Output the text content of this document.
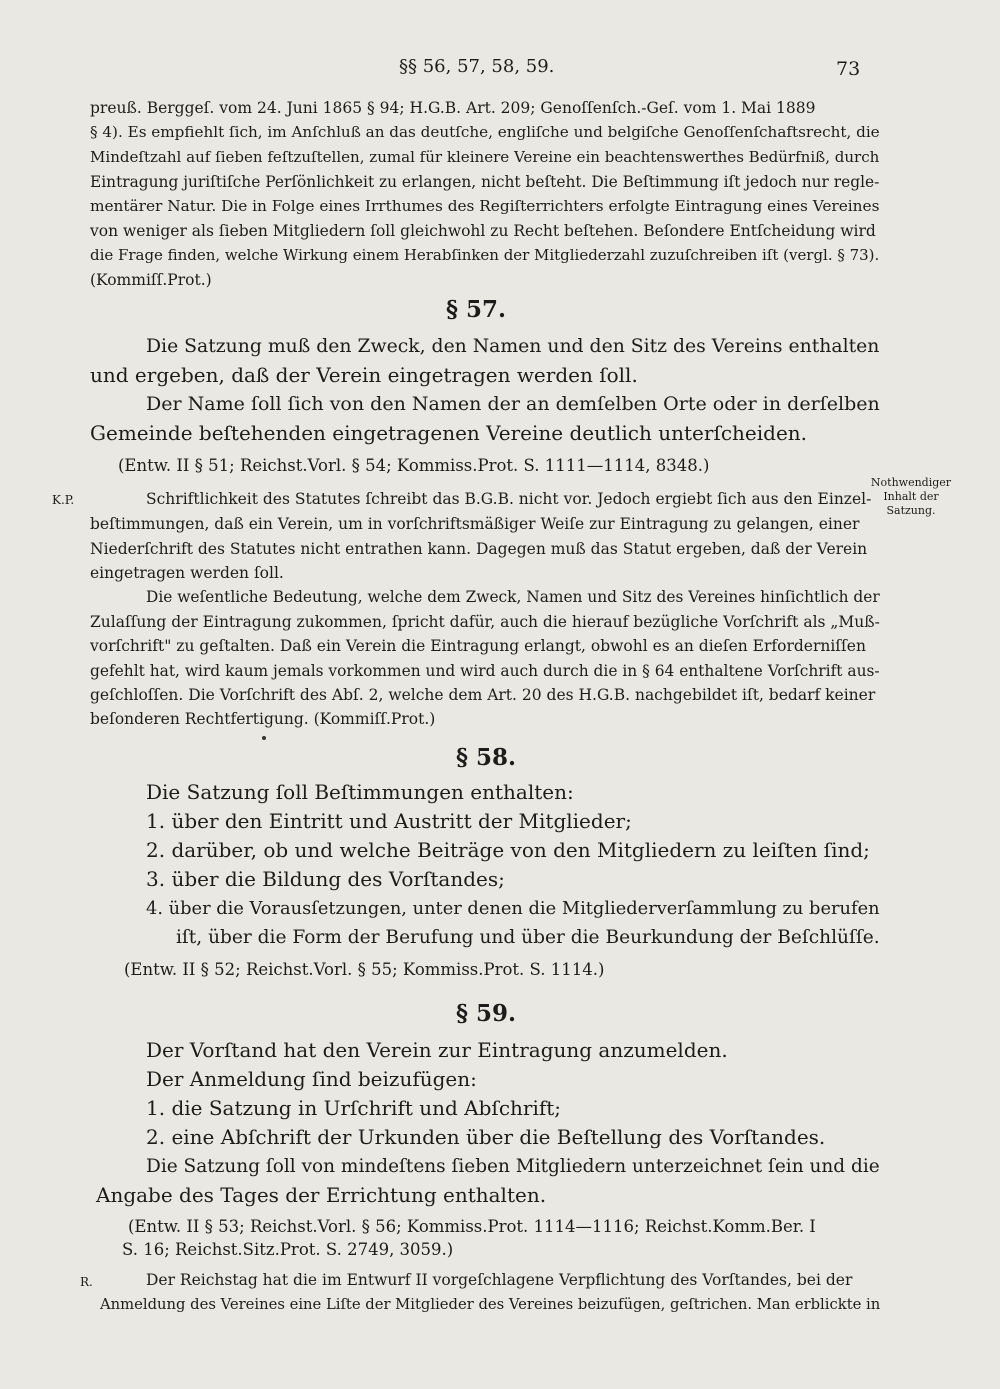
§§ 56, 57, 58, 59.	73
preuß. Berggeſ. vom 24. Juni 1865 § 94; H.G.B. Art. 209; Genoſſenſch.-Geſ. vom 1. Mai 1889
§ 4). Es empfiehlt ſich, im Anſchluß an das deutſche, engliſche und belgiſche Genoſſenſchaftsrecht, die
Mindeſtzahl auf ſieben feſtzuſtellen, zumal für kleinere Vereine ein beachtenswerthes Bedürfniß, durch
Eintragung juriſtiſche Perſönlichkeit zu erlangen, nicht beſteht. Die Beſtimmung iſt jedoch nur regle-
mentärer Natur. Die in Folge eines Irrthumes des Regiſterrichters erfolgte Eintragung eines Vereines
von weniger als ſieben Mitgliedern ſoll gleichwohl zu Recht beſtehen. Beſondere Entſcheidung wird
die Frage finden, welche Wirkung einem Herabſinken der Mitgliederzahl zuzuſchreiben iſt (vergl. § 73).
(Kommiſſ.Prot.)
§ 57.
Die Satzung muß den Zweck, den Namen und den Sitz des Vereins enthalten
und ergeben, daß der Verein eingetragen werden ſoll.
Der Name ſoll ſich von den Namen der an demſelben Orte oder in derſelben
Gemeinde beſtehenden eingetragenen Vereine deutlich unterſcheiden.
(Entw. II § 51; Reichst.Vorl. § 54; Kommiss.Prot. S. 1111—1114, 8348.)
K.P.
Nothwendiger
Inhalt der
Satzung.
Schriftlichkeit des Statutes ſchreibt das B.G.B. nicht vor. Jedoch ergiebt ſich aus den Einzel-
beſtimmungen, daß ein Verein, um in vorſchriftsmäßiger Weiſe zur Eintragung zu gelangen, einer
Niederſchrift des Statutes nicht entrathen kann. Dagegen muß das Statut ergeben, daß der Verein
eingetragen werden ſoll.
Die weſentliche Bedeutung, welche dem Zweck, Namen und Sitz des Vereines hinſichtlich der
Zulaſſung der Eintragung zukommen, ſpricht dafür, auch die hierauf bezügliche Vorſchrift als „Muß-
vorſchrift" zu geſtalten. Daß ein Verein die Eintragung erlangt, obwohl es an dieſen Erforderniſſen
gefehlt hat, wird kaum jemals vorkommen und wird auch durch die in § 64 enthaltene Vorſchrift aus-
geſchloſſen. Die Vorſchrift des Abſ. 2, welche dem Art. 20 des H.G.B. nachgebildet iſt, bedarf keiner
beſonderen Rechtfertigung. (Kommiſſ.Prot.)
§ 58.
Die Satzung ſoll Beſtimmungen enthalten:
1. über den Eintritt und Austritt der Mitglieder;
2. darüber, ob und welche Beiträge von den Mitgliedern zu leiſten ſind;
3. über die Bildung des Vorſtandes;
4. über die Vorausſetzungen, unter denen die Mitgliederverſammlung zu berufen
iſt, über die Form der Berufung und über die Beurkundung der Beſchlüſſe.
(Entw. II § 52; Reichst.Vorl. § 55; Kommiss.Prot. S. 1114.)
§ 59.
Der Vorſtand hat den Verein zur Eintragung anzumelden.
Der Anmeldung ſind beizufügen:
1. die Satzung in Urſchrift und Abſchrift;
2. eine Abſchrift der Urkunden über die Beſtellung des Vorſtandes.
Die Satzung ſoll von mindeſtens ſieben Mitgliedern unterzeichnet ſein und die
Angabe des Tages der Errichtung enthalten.
(Entw. II § 53; Reichst.Vorl. § 56; Kommiss.Prot. 1114—1116; Reichst.Komm.Ber. I
S. 16; Reichst.Sitz.Prot. S. 2749, 3059.)
R.	Der Reichstag hat die im Entwurf II vorgeſchlagene Verpflichtung des Vorſtandes, bei der
Anmeldung des Vereines eine Liſte der Mitglieder des Vereines beizufügen, geſtrichen. Man erblickte in
